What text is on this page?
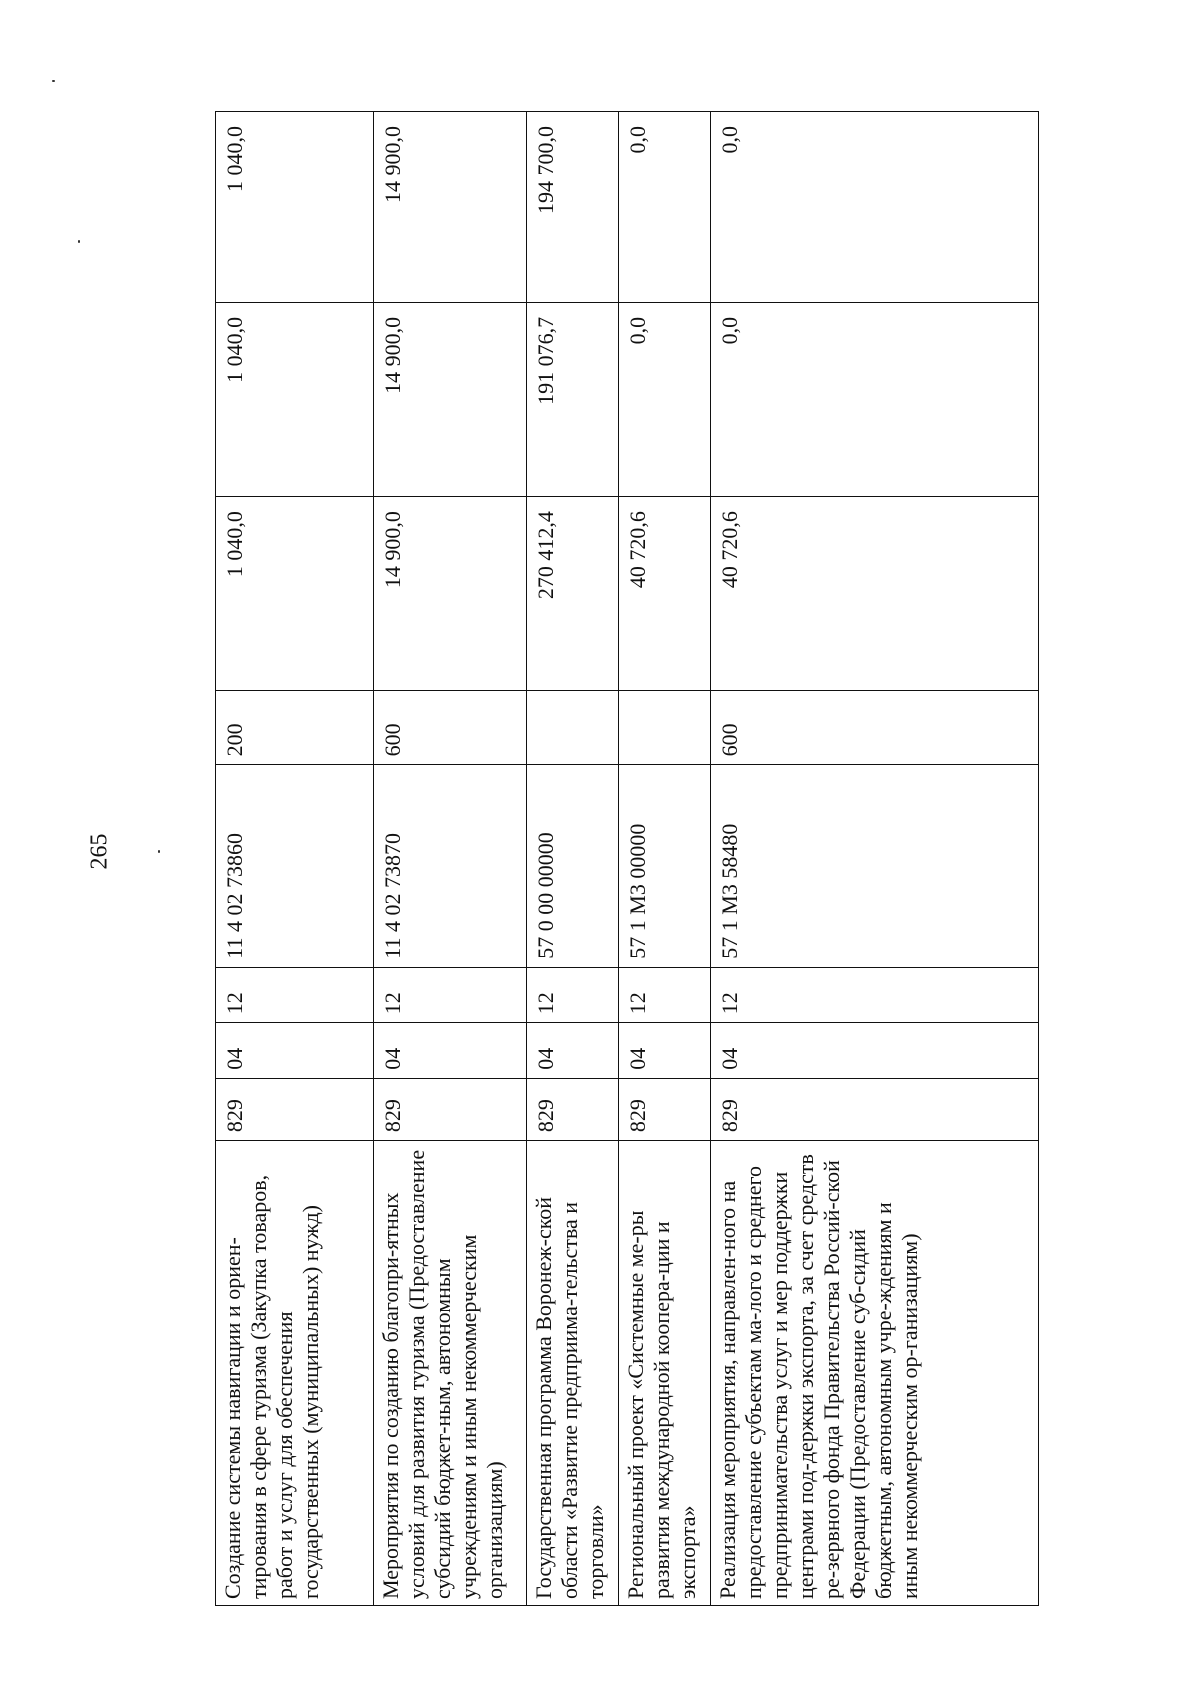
265
Создание системы навигации и ориен-тирования в сфере туризма (Закупка товаров, работ и услуг для обеспечения государственных (муниципальных) нужд)	829	04	12	11 4 02 73860	200	1 040,0	1 040,0	1 040,0
Мероприятия по созданию благопри-ятных условий для развития туризма (Предоставление субсидий бюджет-ным, автономным учреждениям и иным некоммерческим организациям)	829	04	12	11 4 02 73870	600	14 900,0	14 900,0	14 900,0
Государственная программа Воронеж-ской области «Развитие предприима-тельства и торговли»	829	04	12	57 0 00 00000		270 412,4	191 076,7	194 700,0
Региональный проект «Системные ме-ры развития международной коопера-ции и экспорта»	829	04	12	57 1 М3 00000		40 720,6	0,0	0,0
Реализация мероприятия, направлен-ного на предоставление субъектам ма-лого и среднего предпринимательства услуг и мер поддержки центрами под-держки экспорта, за счет средств ре-зервного фонда Правительства Россий-ской Федерации (Предоставление суб-сидий бюджетным, автономным учре-ждениям и иным некоммерческим ор-ганизациям)	829	04	12	57 1 М3 58480	600	40 720,6	0,0	0,0
